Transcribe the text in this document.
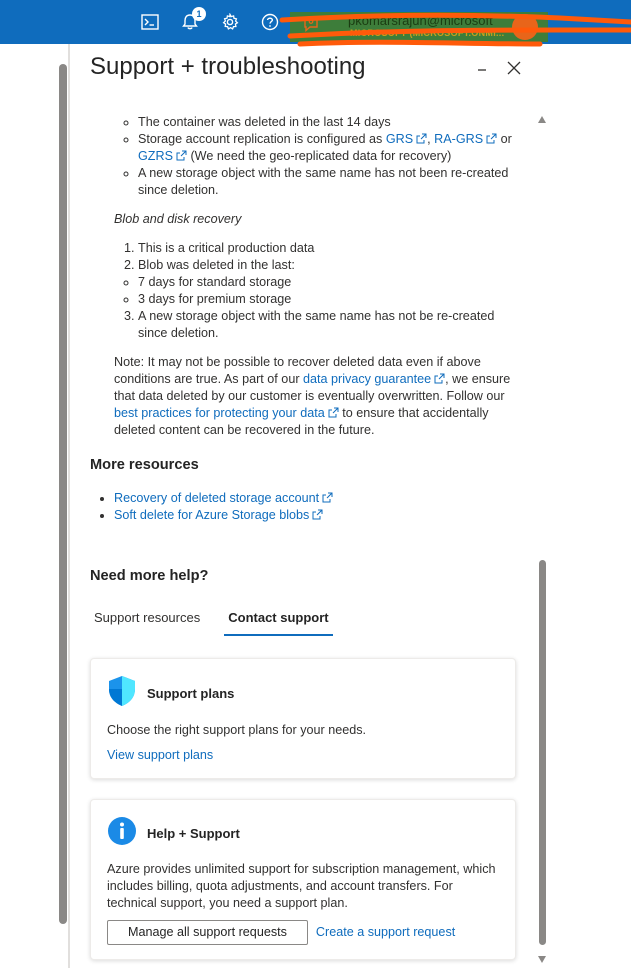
1	pkomarsrajun@microsoft
MICROSOFT (MICROSOFT.ONMI...
Support + troubleshooting
◦ The container was deleted in the last 14 days
◦ Storage account replication is configured as GRS , RA-GRS or GZRS (We need the geo-replicated data for recovery)
◦ A new storage object with the same name has not been re-created since deletion.
Blob and disk recovery
1. This is a critical production data
2. Blob was deleted in the last:
◦ 7 days for standard storage
◦ 3 days for premium storage
3. A new storage object with the same name has not be re-created since deletion.
Note: It may not be possible to recover deleted data even if above conditions are true. As part of our data privacy guarantee , we ensure that data deleted by our customer is eventually overwritten. Follow our best practices for protecting your data to ensure that accidentally deleted content can be recovered in the future.
More resources
• Recovery of deleted storage account
• Soft delete for Azure Storage blobs
Need more help?
Support resources	Contact support
Support plans
Choose the right support plans for your needs.
View support plans
Help + Support
Azure provides unlimited support for subscription management, which includes billing, quota adjustments, and account transfers. For technical support, you need a support plan.
Manage all support requests	Create a support request
